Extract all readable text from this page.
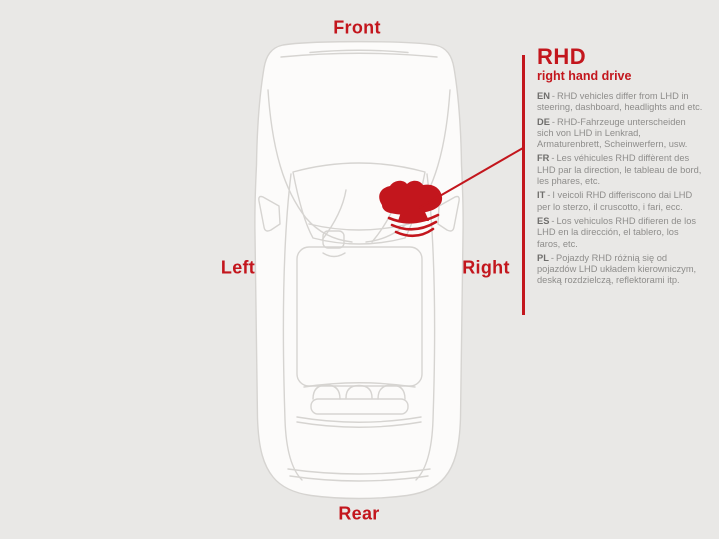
Front
Rear
Left	Right
RHD
right hand drive

EN - RHD vehicles differ from LHD in steering, dashboard, headlights and etc.

DE - RHD-Fahrzeuge unterscheiden sich von LHD in Lenkrad, Armaturenbrett, Scheinwerfern, usw.

FR - Les véhicules RHD diffèrent des LHD par la direction, le tableau de bord, les phares, etc.

IT - I veicoli RHD differiscono dai LHD per lo sterzo, il cruscotto, i fari, ecc.

ES - Los vehiculos RHD difieren de los LHD en la dirección, el tablero, los faros, etc.

PL - Pojazdy RHD różnią się od pojazdów LHD układem kierowniczym, deską rozdzielczą, reflektorami itp.
